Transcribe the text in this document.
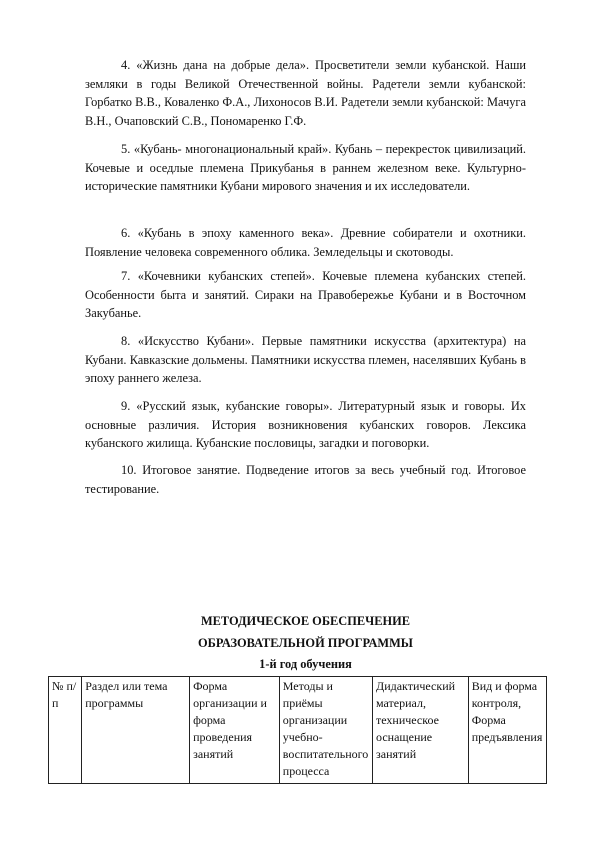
4. «Жизнь дана на добрые дела». Просветители земли кубанской. Наши земляки в годы Великой Отечественной войны. Радетели земли кубанской: Горбатко В.В., Коваленко Ф.А., Лихоносов В.И. Радетели земли кубанской: Мачуга В.Н., Очаповский С.В., Пономаренко Г.Ф.

5. «Кубань- многонациональный край». Кубань – перекресток цивилизаций. Кочевые и оседлые племена Прикубанья в раннем железном веке. Культурно-исторические памятники Кубани мирового значения и их исследователи.

6. «Кубань в эпоху каменного века». Древние собиратели и охотники. Появление человека современного облика. Земледельцы и скотоводы.

7. «Кочевники кубанских степей». Кочевые племена кубанских степей. Особенности быта и занятий. Сираки на Правобережье Кубани и в Восточном Закубанье.

8. «Искусство Кубани». Первые памятники искусства (архитектура) на Кубани. Кавказские дольмены. Памятники искусства племен, населявших Кубань в эпоху раннего железа.

9. «Русский язык, кубанские говоры». Литературный язык и говоры. Их основные различия. История возникновения кубанских говоров. Лексика кубанского жилища. Кубанские пословицы, загадки и поговорки.

10. Итоговое занятие. Подведение итогов за весь учебный год. Итоговое тестирование.

МЕТОДИЧЕСКОЕ ОБЕСПЕЧЕНИЕ

ОБРАЗОВАТЕЛЬНОЙ ПРОГРАММЫ

1-й год обучения

№ п/п	Раздел или тема программы	Форма организации и форма проведения занятий	Методы и приёмы организации учебно-воспитательного процесса	Дидактический материал, техническое оснащение занятий	Вид и форма контроля, Форма предъявления
